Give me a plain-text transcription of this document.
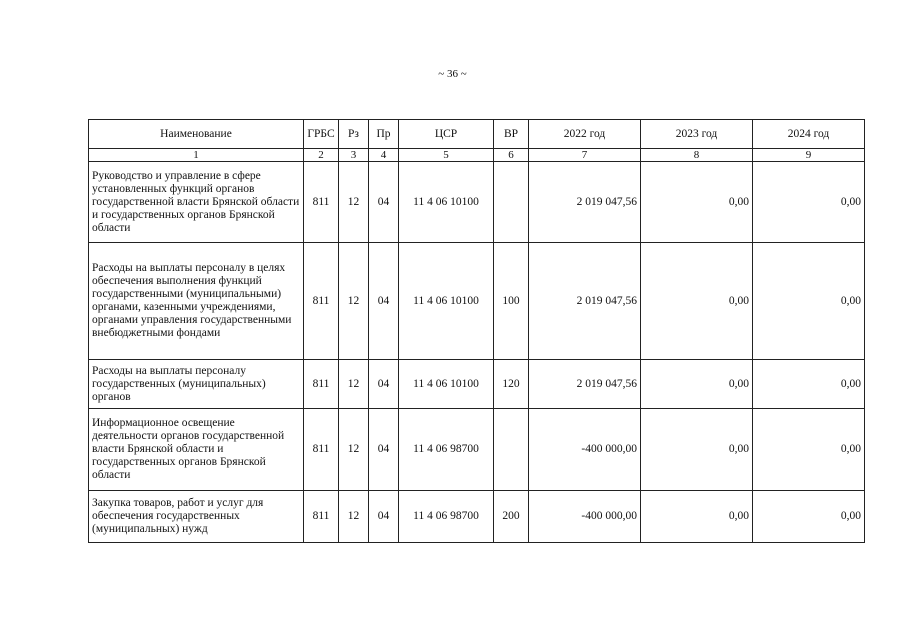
~ 36 ~
Наименование	ГРБС	Рз	Пр	ЦСР	ВР	2022 год	2023 год	2024 год
1	2	3	4	5	6	7	8	9
Руководство и управление в сфере установленных функций органов государственной власти Брянской области и государственных органов Брянской области	811	12	04	11 4 06 10100		2 019 047,56	0,00	0,00
Расходы на выплаты персоналу в целях обеспечения выполнения функций государственными (муниципальными) органами, казенными учреждениями, органами управления государственными внебюджетными фондами	811	12	04	11 4 06 10100	100	2 019 047,56	0,00	0,00
Расходы на выплаты персоналу государственных (муниципальных) органов	811	12	04	11 4 06 10100	120	2 019 047,56	0,00	0,00
Информационное освещение деятельности органов государственной власти Брянской области и государственных органов Брянской области	811	12	04	11 4 06 98700		-400 000,00	0,00	0,00
Закупка товаров, работ и услуг для обеспечения государственных (муниципальных) нужд	811	12	04	11 4 06 98700	200	-400 000,00	0,00	0,00
